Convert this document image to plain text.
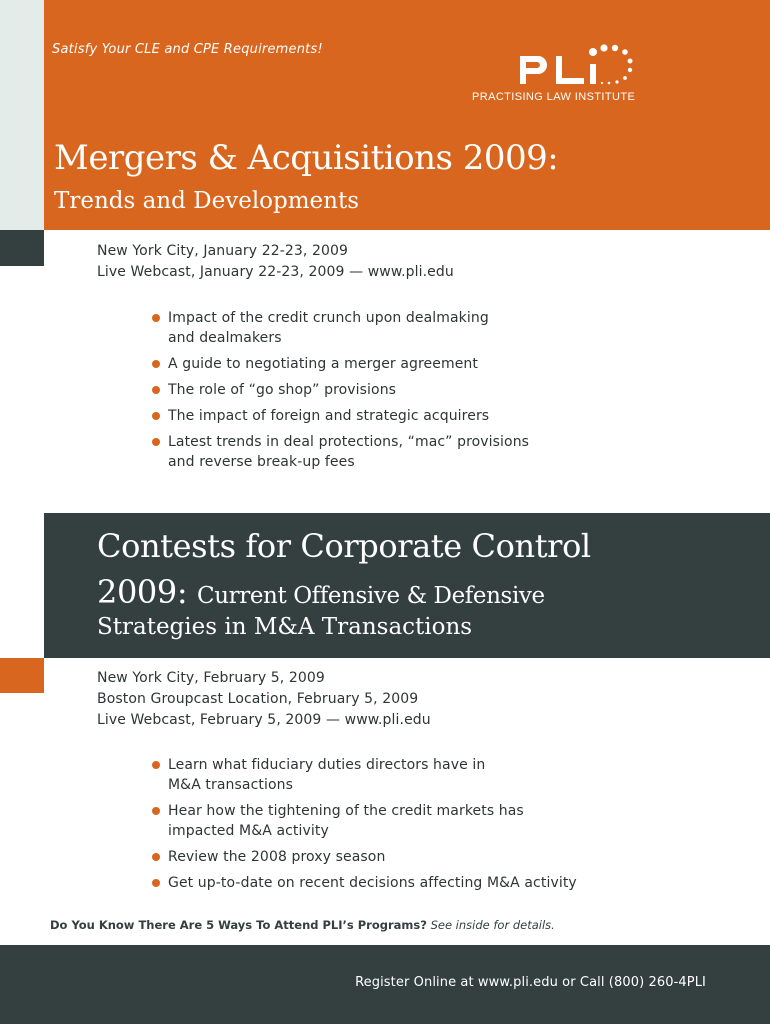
Satisfy Your CLE and CPE Requirements!
PRACTISING LAW INSTITUTE
Mergers & Acquisitions 2009:
Trends and Developments
New York City, January 22-23, 2009
Live Webcast, January 22-23, 2009 — www.pli.edu
Impact of the credit crunch upon dealmaking
and dealmakers
A guide to negotiating a merger agreement
The role of “go shop” provisions
The impact of foreign and strategic acquirers
Latest trends in deal protections, “mac” provisions
and reverse break-up fees
Contests for Corporate Control
2009: Current Offensive & Defensive
Strategies in M&A Transactions
New York City, February 5, 2009
Boston Groupcast Location, February 5, 2009
Live Webcast, February 5, 2009 — www.pli.edu
Learn what fiduciary duties directors have in
M&A transactions
Hear how the tightening of the credit markets has
impacted M&A activity
Review the 2008 proxy season
Get up-to-date on recent decisions affecting M&A activity
Do You Know There Are 5 Ways To Attend PLI’s Programs? See inside for details.
Register Online at www.pli.edu or Call (800) 260-4PLI
